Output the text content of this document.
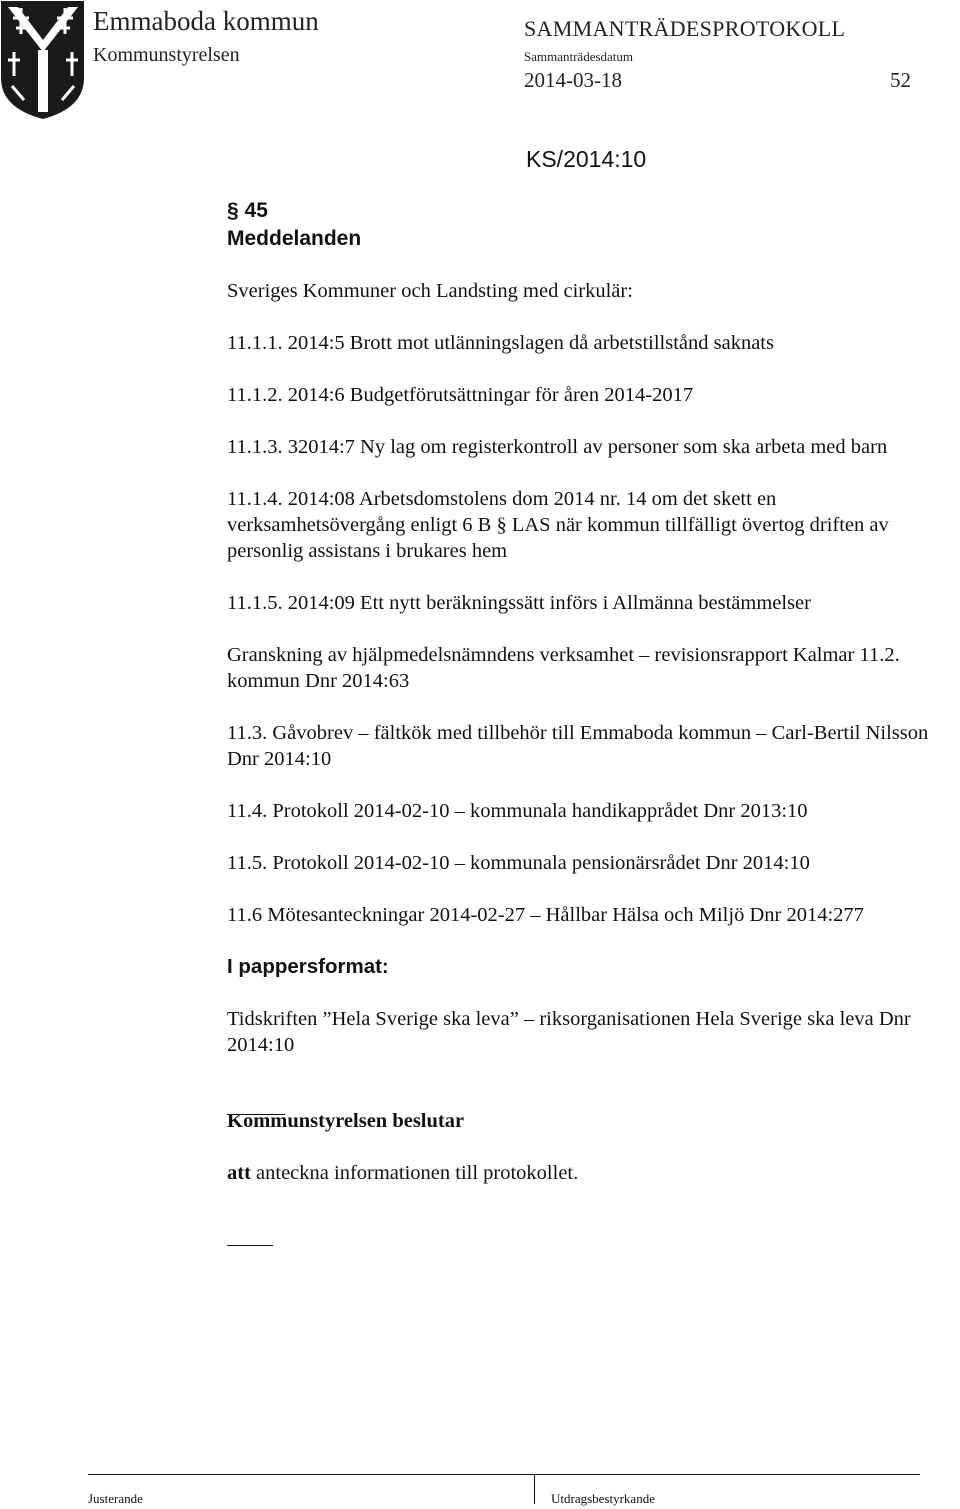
Emmaboda kommun
Kommunstyrelsen
SAMMANTRÄDESPROTOKOLL
Sammanträdesdatum
2014-03-18	52
KS/2014:10
§ 45
Meddelanden

Sveriges Kommuner och Landsting med cirkulär:

11.1.1. 2014:5 Brott mot utlänningslagen då arbetstillstånd saknats

11.1.2. 2014:6 Budgetförutsättningar för åren 2014-2017

11.1.3. 32014:7 Ny lag om registerkontroll av personer som ska arbeta med barn

11.1.4. 2014:08 Arbetsdomstolens dom 2014 nr. 14 om det skett en verksamhetsövergång enligt 6 B § LAS när kommun tillfälligt övertog driften av personlig assistans i brukares hem

11.1.5. 2014:09 Ett nytt beräkningssätt införs i Allmänna bestämmelser

Granskning av hjälpmedelsnämndens verksamhet – revisionsrapport Kalmar 11.2. kommun Dnr 2014:63

11.3. Gåvobrev – fältkök med tillbehör till Emmaboda kommun – Carl-Bertil Nilsson Dnr 2014:10

11.4. Protokoll 2014-02-10 – kommunala handikapprådet Dnr 2013:10

11.5. Protokoll 2014-02-10 – kommunala pensionärsrådet Dnr 2014:10

11.6 Mötesanteckningar 2014-02-27 – Hållbar Hälsa och Miljö Dnr 2014:277

I pappersformat:

Tidskriften ”Hela Sverige ska leva” – riksorganisationen Hela Sverige ska leva Dnr 2014:10

Kommunstyrelsen beslutar

att anteckna informationen till protokollet.

Justerande	Utdragsbestyrkande
